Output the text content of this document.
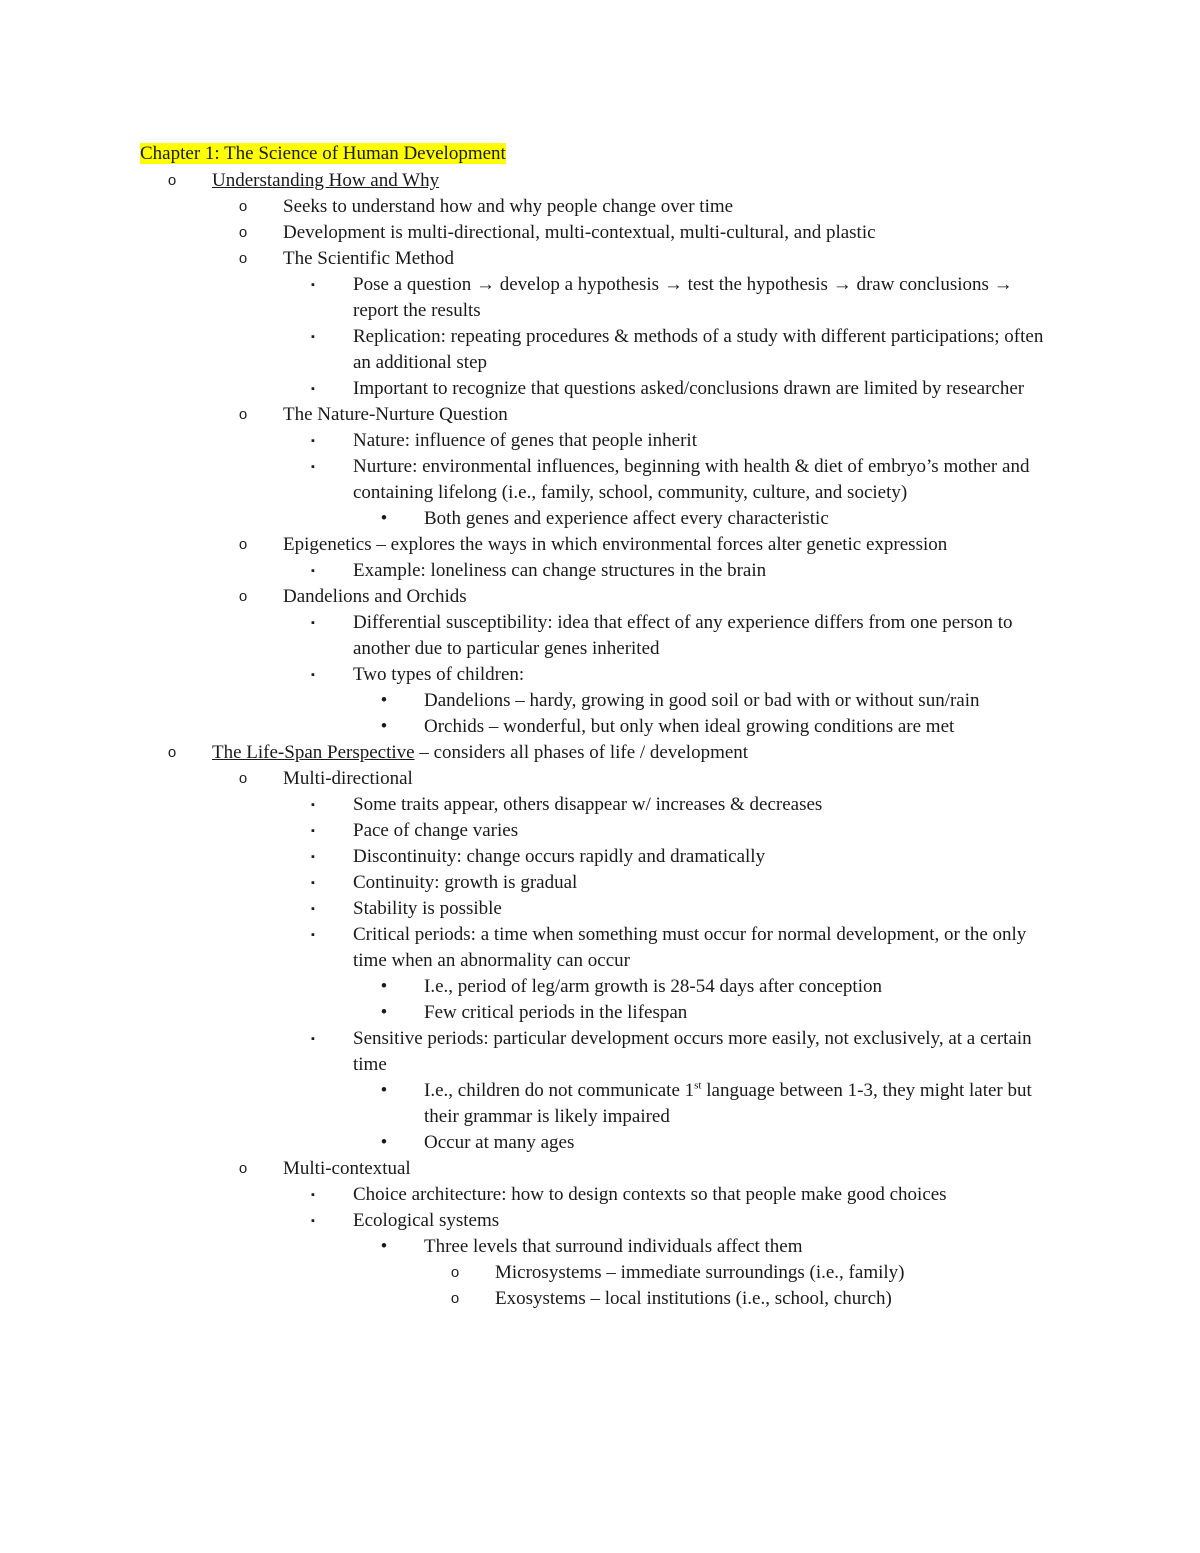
Chapter 1: The Science of Human Development
o	Understanding How and Why
o	Seeks to understand how and why people change over time
o	Development is multi-directional, multi-contextual, multi-cultural, and plastic
o	The Scientific Method
▪	Pose a question → develop a hypothesis → test the hypothesis → draw conclusions → report the results
▪	Replication: repeating procedures & methods of a study with different participations; often an additional step
▪	Important to recognize that questions asked/conclusions drawn are limited by researcher
o	The Nature-Nurture Question
▪	Nature: influence of genes that people inherit
▪	Nurture: environmental influences, beginning with health & diet of embryo’s mother and containing lifelong (i.e., family, school, community, culture, and society)
•	Both genes and experience affect every characteristic
o	Epigenetics – explores the ways in which environmental forces alter genetic expression
▪	Example: loneliness can change structures in the brain
o	Dandelions and Orchids
▪	Differential susceptibility: idea that effect of any experience differs from one person to another due to particular genes inherited
▪	Two types of children:
•	Dandelions – hardy, growing in good soil or bad with or without sun/rain
•	Orchids – wonderful, but only when ideal growing conditions are met
o	The Life-Span Perspective – considers all phases of life / development
o	Multi-directional
▪	Some traits appear, others disappear w/ increases & decreases
▪	Pace of change varies
▪	Discontinuity: change occurs rapidly and dramatically
▪	Continuity: growth is gradual
▪	Stability is possible
▪	Critical periods: a time when something must occur for normal development, or the only time when an abnormality can occur
•	I.e., period of leg/arm growth is 28-54 days after conception
•	Few critical periods in the lifespan
▪	Sensitive periods: particular development occurs more easily, not exclusively, at a certain time
•	I.e., children do not communicate 1st language between 1-3, they might later but their grammar is likely impaired
•	Occur at many ages
o	Multi-contextual
▪	Choice architecture: how to design contexts so that people make good choices
▪	Ecological systems
•	Three levels that surround individuals affect them
o	Microsystems – immediate surroundings (i.e., family)
o	Exosystems – local institutions (i.e., school, church)
